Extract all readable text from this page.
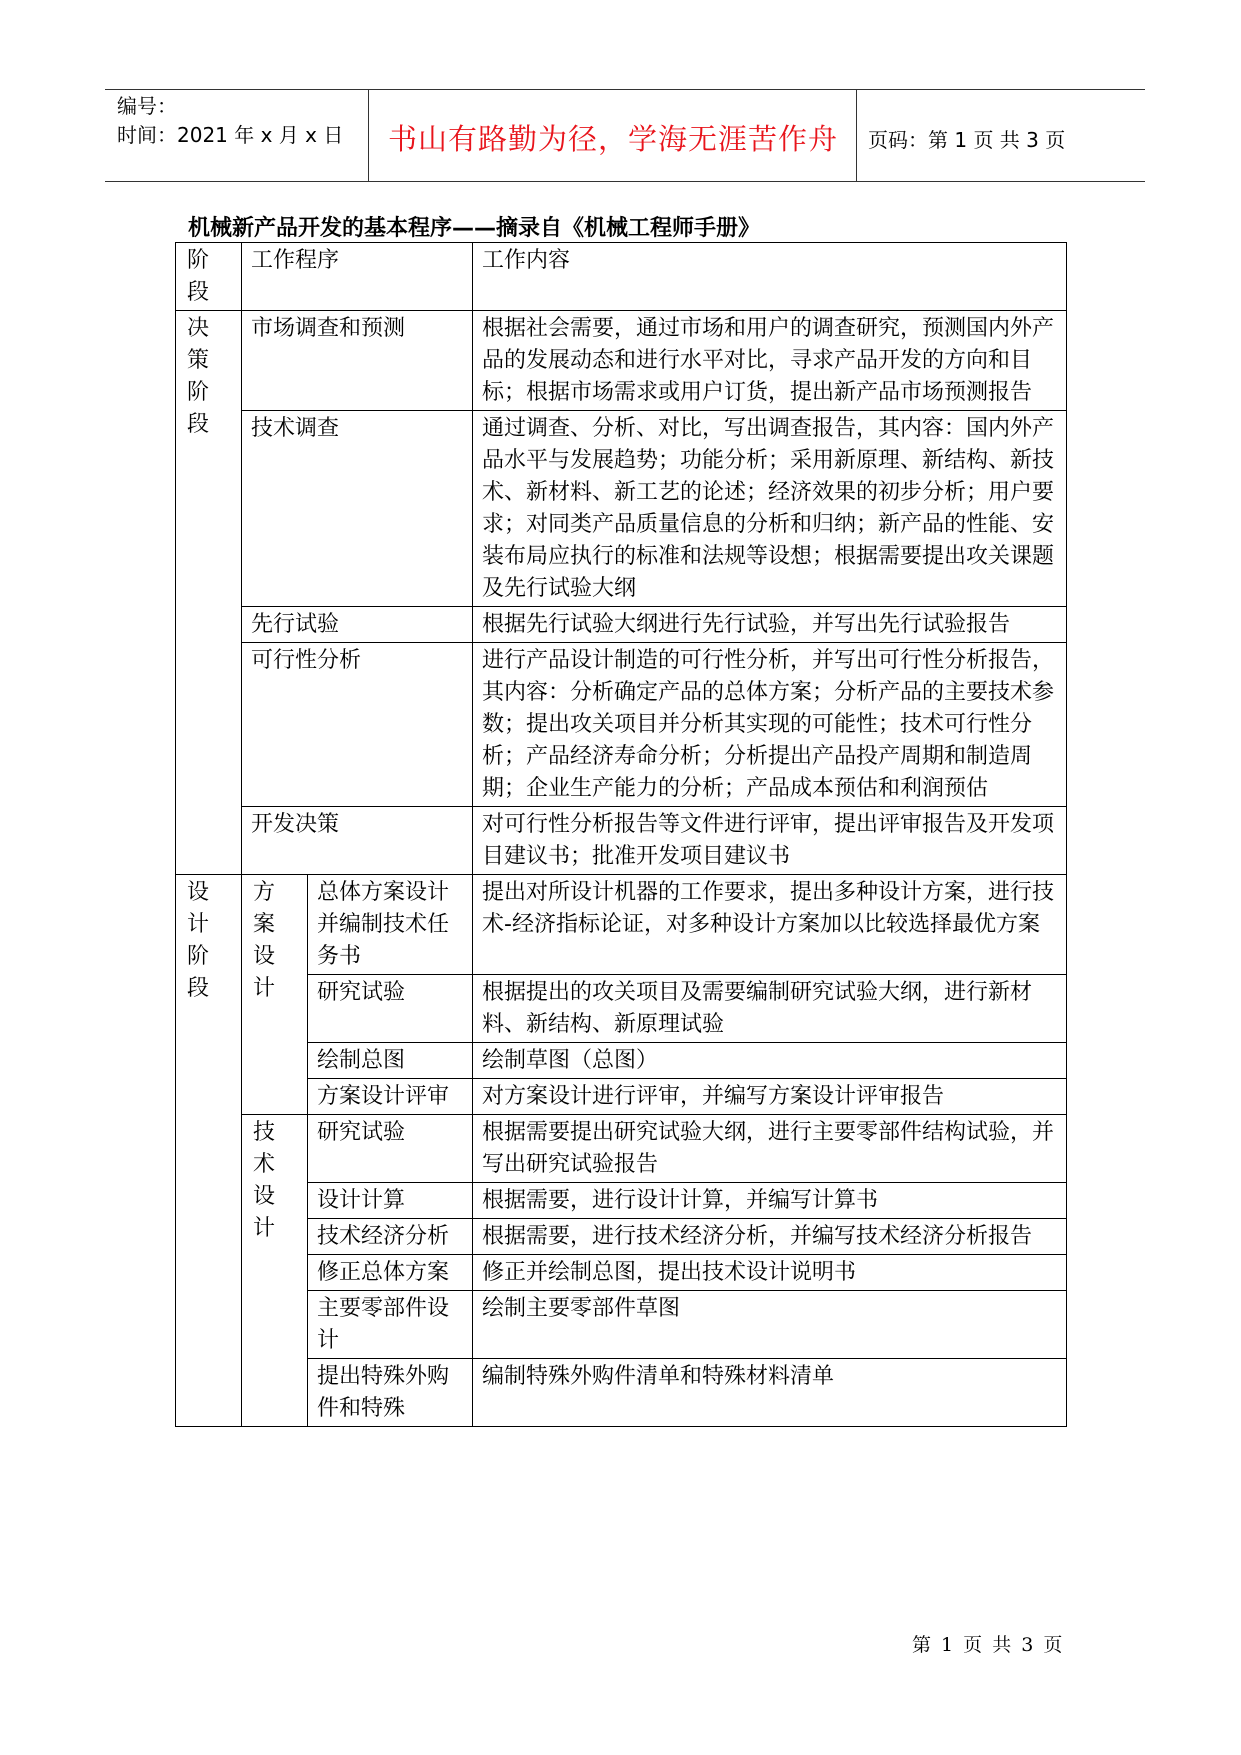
编号：
时间：2021 年 x 月 x 日	书山有路勤为径，学海无涯苦作舟	页码：第 1 页 共 3 页
机械新产品开发的基本程序——摘录自《机械工程师手册》
阶段	工作程序		工作内容

决策阶段	市场调查和预测		根据社会需要，通过市场和用户的调查研究，预测国内外产品的发展动态和进行水平对比，寻求产品开发的方向和目标；根据市场需求或用户订货，提出新产品市场预测报告
	技术调查		通过调查、分析、对比，写出调查报告，其内容：国内外产品水平与发展趋势；功能分析；采用新原理、新结构、新技术、新材料、新工艺的论述；经济效果的初步分析；用户要求；对同类产品质量信息的分析和归纳；新产品的性能、安装布局应执行的标准和法规等设想；根据需要提出攻关课题及先行试验大纲
	先行试验		根据先行试验大纲进行先行试验，并写出先行试验报告
	可行性分析		进行产品设计制造的可行性分析，并写出可行性分析报告，其内容：分析确定产品的总体方案；分析产品的主要技术参数；提出攻关项目并分析其实现的可能性；技术可行性分析；产品经济寿命分析；分析提出产品投产周期和制造周期；企业生产能力的分析；产品成本预估和利润预估
	开发决策		对可行性分析报告等文件进行评审，提出评审报告及开发项目建议书；批准开发项目建议书

设计阶段	方案设计	总体方案设计并编制技术任务书	提出对所设计机器的工作要求，提出多种设计方案，进行技术-经济指标论证，对多种设计方案加以比较选择最优方案
		研究试验	根据提出的攻关项目及需要编制研究试验大纲，进行新材料、新结构、新原理试验
		绘制总图	绘制草图（总图）
		方案设计评审	对方案设计进行评审，并编写方案设计评审报告

	技术设计	研究试验	根据需要提出研究试验大纲，进行主要零部件结构试验，并写出研究试验报告
		设计计算	根据需要，进行设计计算，并编写计算书
		技术经济分析	根据需要，进行技术经济分析，并编写技术经济分析报告
		修正总体方案	修正并绘制总图，提出技术设计说明书
		主要零部件设计	绘制主要零部件草图
		提出特殊外购件和特殊	编制特殊外购件清单和特殊材料清单
第 1 页 共 3 页
